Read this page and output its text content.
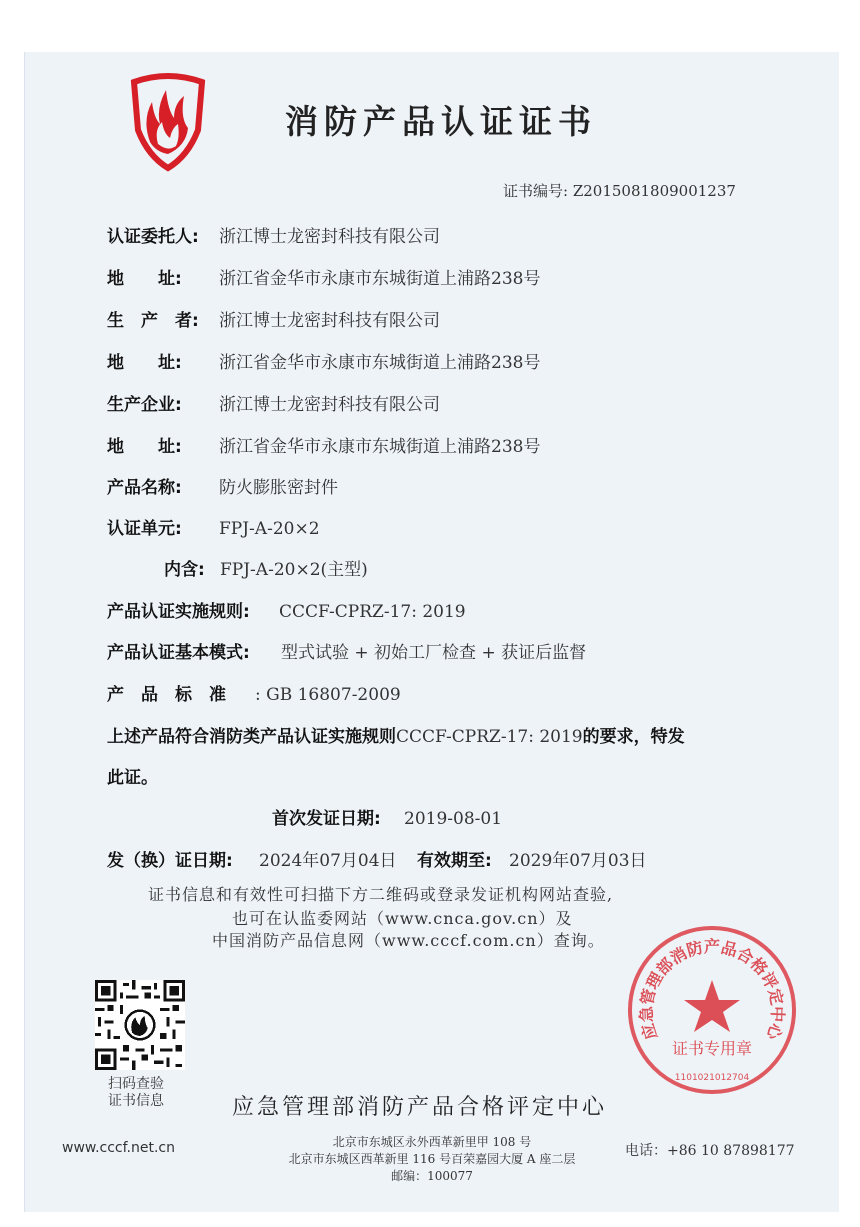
消防产品认证证书
证书编号: Z2015081809001237
认证委托人: 浙江博士龙密封科技有限公司
地　　址: 浙江省金华市永康市东城街道上浦路238号
生　产　者: 浙江博士龙密封科技有限公司
地　　址: 浙江省金华市永康市东城街道上浦路238号
生产企业: 浙江博士龙密封科技有限公司
地　　址: 浙江省金华市永康市东城街道上浦路238号
产品名称: 防火膨胀密封件
认证单元: FPJ-A-20×2
内含: FPJ-A-20×2(主型)
产品认证实施规则: CCCF-CPRZ-17: 2019
产品认证基本模式: 型式试验 + 初始工厂检查 + 获证后监督
产　品　标　准 : GB 16807-2009
上述产品符合消防类产品认证实施规则CCCF-CPRZ-17: 2019的要求，特发
此证。
首次发证日期: 2019-08-01
发（换）证日期: 2024年07月04日 有效期至: 2029年07月03日
证书信息和有效性可扫描下方二维码或登录发证机构网站查验,
也可在认监委网站（www.cnca.gov.cn）及
中国消防产品信息网（www.cccf.com.cn）查询。
扫码查验
证书信息	应急管理部消防产品合格评定中心
应急管理部消防产品合格评定中心
证书专用章
1101021012704
www.cccf.net.cn	北京市东城区永外西革新里甲 108 号
北京市东城区西革新里 116 号百荣嘉园大厦 A 座二层
邮编：100077
电话：+86 10 87898177
